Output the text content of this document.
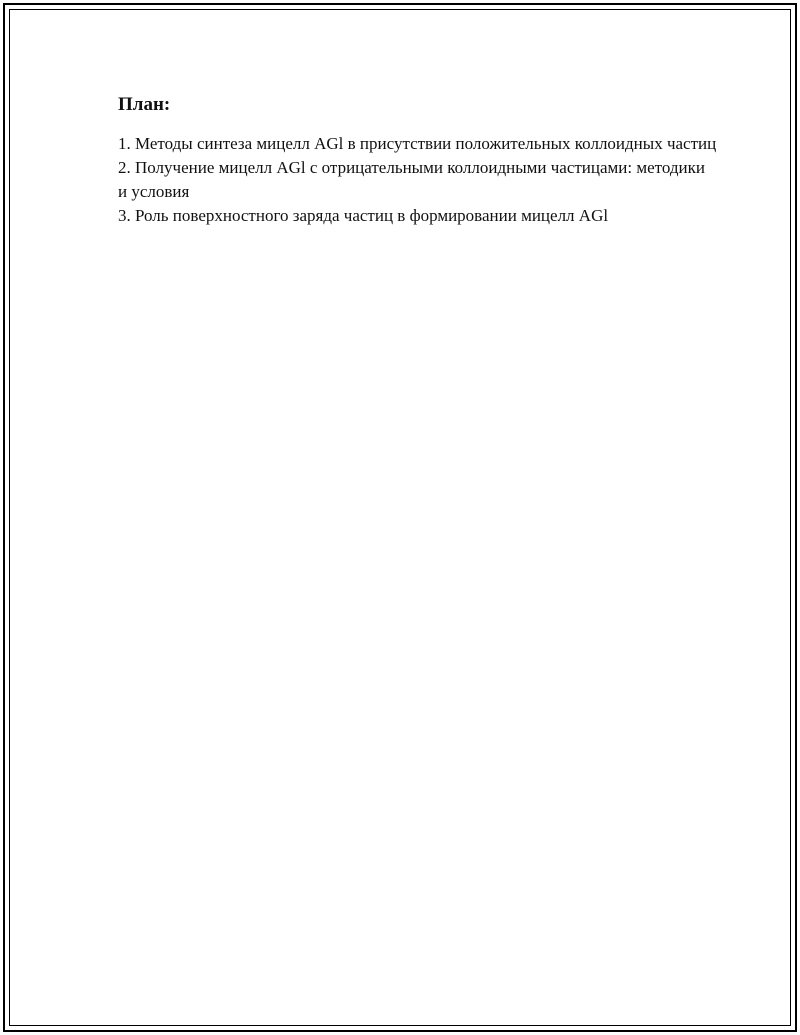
План:
1. Методы синтеза мицелл AGl в присутствии положительных коллоидных частиц
2. Получение мицелл AGl с отрицательными коллоидными частицами: методики и условия
3. Роль поверхностного заряда частиц в формировании мицелл AGl
